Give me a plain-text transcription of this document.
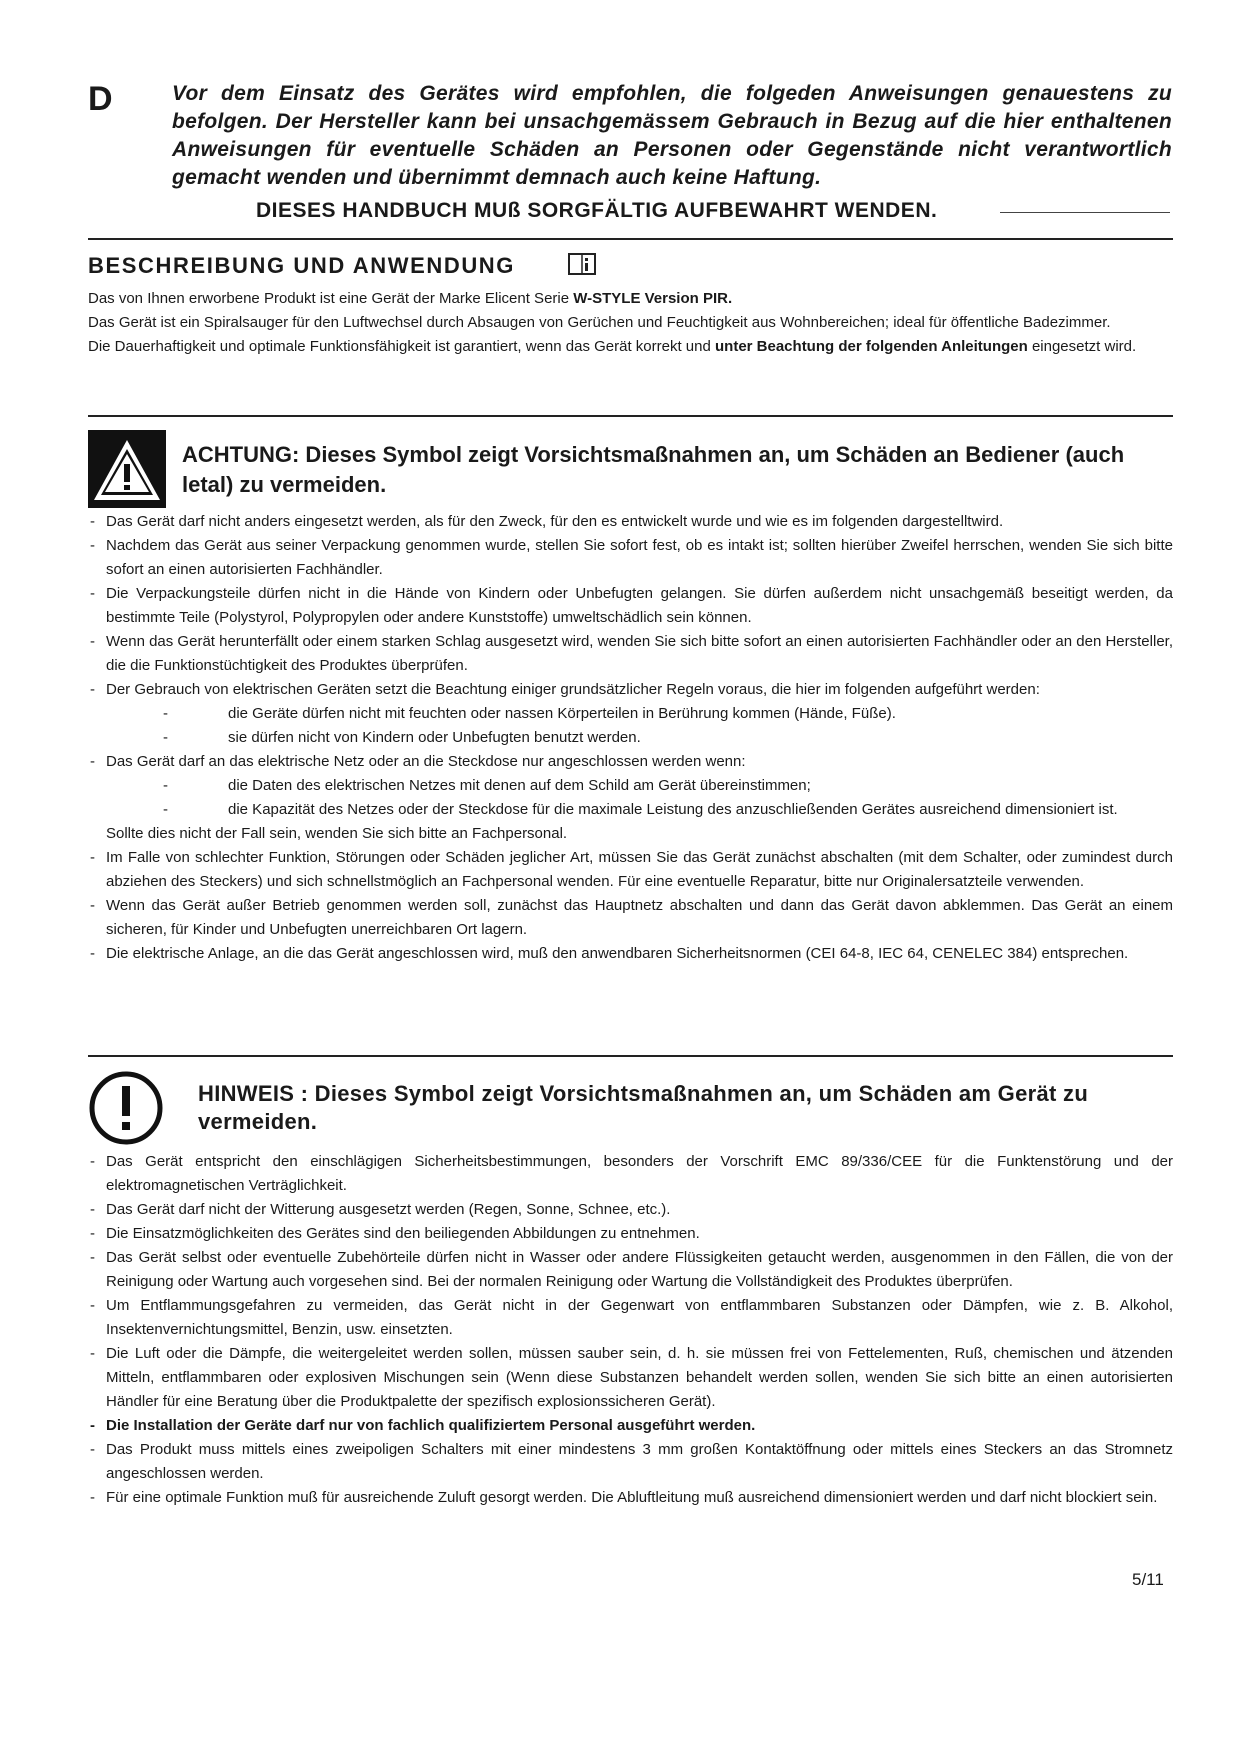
D	Vor dem Einsatz des Gerätes wird empfohlen, die folgeden Anweisungen genauestens zu befolgen. Der Hersteller kann bei unsachgemässem Gebrauch in Bezug auf die hier enthaltenen Anweisungen für eventuelle Schäden an Personen oder Gegenstände nicht verantwortlich gemacht wenden und übernimmt demnach auch keine Haftung.
DIESES HANDBUCH MUß SORGFÄLTIG AUFBEWAHRT WENDEN.
BESCHREIBUNG UND ANWENDUNG

Das von Ihnen erworbene Produkt ist eine Gerät der Marke Elicent Serie W-STYLE Version PIR.

Das Gerät ist ein Spiralsauger für den Luftwechsel durch Absaugen von Gerüchen und Feuchtigkeit aus Wohnbereichen; ideal für öffentliche Badezimmer.

Die Dauerhaftigkeit und optimale Funktionsfähigkeit ist garantiert, wenn das Gerät korrekt und unter Beachtung der folgenden Anleitungen eingesetzt wird.

ACHTUNG: Dieses Symbol zeigt Vorsichtsmaßnahmen an, um Schäden an Bediener (auch letal) zu vermeiden.
- Das Gerät darf nicht anders eingesetzt werden, als für den Zweck, für den es entwickelt wurde und wie es im folgenden dargestelltwird.
- Nachdem das Gerät aus seiner Verpackung genommen wurde, stellen Sie sofort fest, ob es intakt ist; sollten hierüber Zweifel herrschen, wenden Sie sich bitte sofort an einen autorisierten Fachhändler.
- Die Verpackungsteile dürfen nicht in die Hände von Kindern oder Unbefugten gelangen. Sie dürfen außerdem nicht unsachgemäß beseitigt werden, da bestimmte Teile (Polystyrol, Polypropylen oder andere Kunststoffe) umweltschädlich sein können.
- Wenn das Gerät herunterfällt oder einem starken Schlag ausgesetzt wird, wenden Sie sich bitte sofort an einen autorisierten Fachhändler oder an den Hersteller, die die Funktionstüchtigkeit des Produktes überprüfen.
- Der Gebrauch von elektrischen Geräten setzt die Beachtung einiger grundsätzlicher Regeln voraus, die hier im folgenden aufgeführt werden:
- die Geräte dürfen nicht mit feuchten oder nassen Körperteilen in Berührung kommen (Hände, Füße).
- sie dürfen nicht von Kindern oder Unbefugten benutzt werden.
- Das Gerät darf an das elektrische Netz oder an die Steckdose nur angeschlossen werden wenn:
- die Daten des elektrischen Netzes mit denen auf dem Schild am Gerät übereinstimmen;
- die Kapazität des Netzes oder der Steckdose für die maximale Leistung des anzuschließenden Gerätes ausreichend dimensioniert ist.
Sollte dies nicht der Fall sein, wenden Sie sich bitte an Fachpersonal.
- Im Falle von schlechter Funktion, Störungen oder Schäden jeglicher Art, müssen Sie das Gerät zunächst abschalten (mit dem Schalter, oder zumindest durch abziehen des Steckers) und sich schnellstmöglich an Fachpersonal wenden. Für eine eventuelle Reparatur, bitte nur Originalersatzteile verwenden.
- Wenn das Gerät außer Betrieb genommen werden soll, zunächst das Hauptnetz abschalten und dann das Gerät davon abklemmen. Das Gerät an einem sicheren, für Kinder und Unbefugten unerreichbaren Ort lagern.
- Die elektrische Anlage, an die das Gerät angeschlossen wird, muß den anwendbaren Sicherheitsnormen (CEI 64-8, IEC 64, CENELEC 384) entsprechen.
HINWEIS : Dieses Symbol zeigt Vorsichtsmaßnahmen an, um Schäden am Gerät zu vermeiden.
- Das Gerät entspricht den einschlägigen Sicherheitsbestimmungen, besonders der Vorschrift EMC 89/336/CEE für die Funktenstörung und der elektromagnetischen Verträglichkeit.
- Das Gerät darf nicht der Witterung ausgesetzt werden (Regen, Sonne, Schnee, etc.).
- Die Einsatzmöglichkeiten des Gerätes sind den beiliegenden Abbildungen zu entnehmen.
- Das Gerät selbst oder eventuelle Zubehörteile dürfen nicht in Wasser oder andere Flüssigkeiten getaucht werden, ausgenommen in den Fällen, die von der Reinigung oder Wartung auch vorgesehen sind. Bei der normalen Reinigung oder Wartung die Vollständigkeit des Produktes überprüfen.
- Um Entflammungsgefahren zu vermeiden, das Gerät nicht in der Gegenwart von entflammbaren Substanzen oder Dämpfen, wie z. B. Alkohol, Insektenvernichtungsmittel, Benzin, usw. einsetzten.
- Die Luft oder die Dämpfe, die weitergeleitet werden sollen, müssen sauber sein, d. h. sie müssen frei von Fettelementen, Ruß, chemischen und ätzenden Mitteln, entflammbaren oder explosiven Mischungen sein (Wenn diese Substanzen behandelt werden sollen, wenden Sie sich bitte an einen autorisierten Händler für eine Beratung über die Produktpalette der spezifisch explosionssicheren Gerät).
- Die Installation der Geräte darf nur von fachlich qualifiziertem Personal ausgeführt werden.
- Das Produkt muss mittels eines zweipoligen Schalters mit einer mindestens 3 mm großen Kontaktöffnung oder mittels eines Steckers an das Stromnetz angeschlossen werden.
- Für eine optimale Funktion muß für ausreichende Zuluft gesorgt werden. Die Abluftleitung muß ausreichend dimensioniert werden und darf nicht blockiert sein.
5/11
